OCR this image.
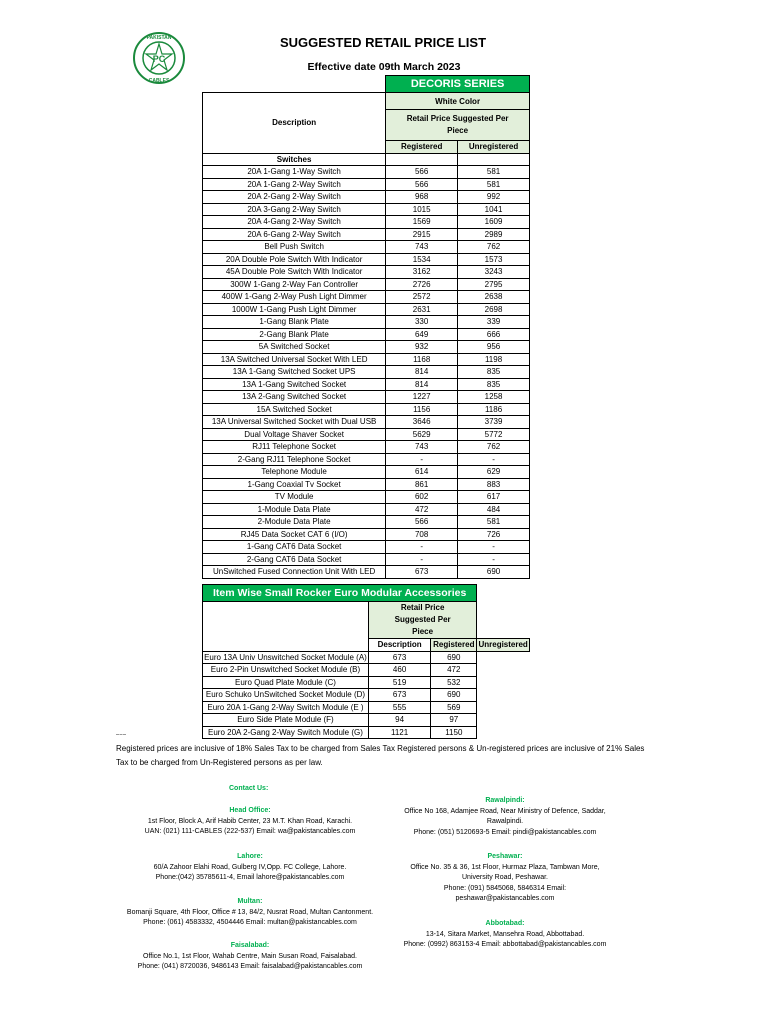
PC
PAKISTAN
CABLES
SUGGESTED RETAIL PRICE LIST
Effective date 09th March 2023
	DECORIS SERIES	
Description	White Color	
	Retail Price Suggested Per Piece	
	Registered	Unregistered
Switches		
20A 1-Gang 1-Way Switch	566	581
20A 1-Gang 2-Way Switch	566	581
20A 2-Gang 2-Way Switch	968	992
20A 3-Gang 2-Way Switch	1015	1041
20A 4-Gang 2-Way Switch	1569	1609
20A 6-Gang 2-Way Switch	2915	2989
Bell Push Switch	743	762
20A Double Pole Switch With Indicator	1534	1573
45A Double Pole Switch With Indicator	3162	3243
300W 1-Gang 2-Way Fan Controller	2726	2795
400W 1-Gang 2-Way Push Light Dimmer	2572	2638
1000W 1-Gang Push Light Dimmer	2631	2698
1-Gang Blank Plate	330	339
2-Gang Blank Plate	649	666
5A Switched Socket	932	956
13A Switched Universal Socket With LED	1168	1198
13A 1-Gang Switched Socket UPS	814	835
13A 1-Gang Switched Socket	814	835
13A 2-Gang Switched Socket	1227	1258
15A Switched Socket	1156	1186
13A Universal Switched Socket with Dual USB	3646	3739
Dual Voltage Shaver Socket	5629	5772
RJ11 Telephone Socket	743	762
2-Gang RJ11 Telephone Socket	-	-
Telephone Module	614	629
1-Gang Coaxial Tv Socket	861	883
TV Module	602	617
1-Module Data Plate	472	484
2-Module Data Plate	566	581
RJ45 Data Socket CAT 6 (I/O)	708	726
1-Gang CAT6 Data Socket	-	-
2-Gang CAT6 Data Socket	-	-
UnSwitched Fused Connection Unit With LED	673	690
Item Wise Small Rocker Euro Modular Accessories			
	Retail Price Suggested Per Piece		
	Description	Registered	Unregistered
Euro 13A Univ Unswitched Socket Module (A)	673	690	
Euro 2-Pin Unswitched Socket Module (B)	460	472	
Euro Quad Plate Module (C)	519	532	
Euro Schuko UnSwitched Socket Module (D)	673	690	
Euro 20A 1-Gang 2-Way Switch Module (E )	555	569	
Euro Side Plate Module (F)	94	97	
Euro 20A 2-Gang 2-Way Switch Module (G)	1121	1150	
Registered prices are inclusive of 18% Sales Tax to be charged from Sales Tax Registered persons & Un-registered prices are inclusive of 21% Sales Tax to be charged from Un-Registered persons as per law.
Contact Us:
Head Office:
1st Floor, Block A, Arif Habib Center, 23 M.T. Khan Road, Karachi.
UAN: (021) 111-CABLES (222-537) Email: wa@pakistancables.com
Lahore:
60/A Zahoor Elahi Road, Gulberg IV,Opp. FC College, Lahore.
Phone:(042) 35785611-4, Email lahore@pakistancables.com
Multan:
Bomanji Square, 4th Floor, Office # 13, 84/2, Nusrat Road, Multan Cantonment.
Phone: (061) 4583332, 4504446 Email: multan@pakistancables.com
Faisalabad:
Office No.1, 1st Floor, Wahab Centre, Main Susan Road, Faisalabad.
Phone: (041) 8720036, 9486143 Email: faisalabad@pakistancables.com
Rawalpindi:
Office No 168, Adamjee Road, Near Ministry of Defence, Saddar,
Rawalpindi.
Phone: (051) 5120693-5 Email: pindi@pakistancables.com
Peshawar:
Office No. 35 & 36, 1st Floor, Hurmaz Plaza, Tambwan More,
University Road, Peshawar.
Phone: (091) 5845068, 5846314 Email:
peshawar@pakistancables.com
Abbotabad:
13-14, Sitara Market, Mansehra Road, Abbottabad.
Phone: (0992) 863153-4 Email: abbottabad@pakistancables.com
